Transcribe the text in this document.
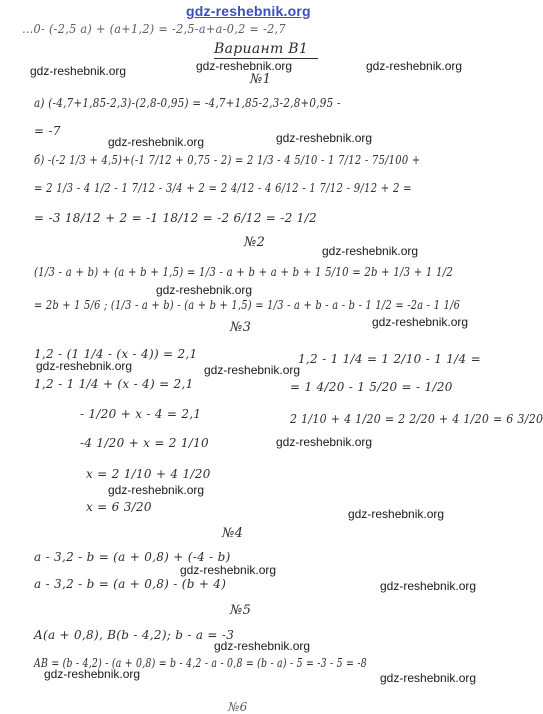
gdz-reshebnik.org
gdz-reshebnik.org	gdz-reshebnik.org	gdz-reshebnik.org
gdz-reshebnik.org	gdz-reshebnik.org
gdz-reshebnik.org
gdz-reshebnik.org
gdz-reshebnik.org
gdz-reshebnik.org	gdz-reshebnik.org
gdz-reshebnik.org
gdz-reshebnik.org
gdz-reshebnik.org
gdz-reshebnik.org
gdz-reshebnik.org
gdz-reshebnik.org
gdz-reshebnik.org	gdz-reshebnik.org
…0- (-2,5 a) + (a+1,2) = -2,5-a+a-0,2 = -2,7
Вариант В1
№1
а) (-4,7+1,85-2,3)-(2,8-0,95) = -4,7+1,85-2,3-2,8+0,95 -
= -7
б) -(-2 1/3 + 4,5)+(-1 7/12 + 0,75 - 2) = 2 1/3 - 4 5/10 - 1 7/12 - 75/100 +
= 2 1/3 - 4 1/2 - 1 7/12 - 3/4 + 2 = 2 4/12 - 4 6/12 - 1 7/12 - 9/12 + 2 =
= -3 18/12 + 2 = -1 18/12 = -2 6/12 = -2 1/2
№2
(1/3 - a + b) + (a + b + 1,5) = 1/3 - a + b + a + b + 1 5/10 = 2b + 1/3 + 1 1/2
= 2b + 1 5/6 ; (1/3 - a + b) - (a + b + 1,5) = 1/3 - a + b - a - b - 1 1/2 = -2a - 1 1/6
№3
1,2 - (1 1/4 - (x - 4)) = 2,1
1,2 - 1 1/4 + (x - 4) = 2,1
- 1/20 + x - 4 = 2,1
-4 1/20 + x = 2 1/10
x = 2 1/10 + 4 1/20
x = 6 3/20
1,2 - 1 1/4 = 1 2/10 - 1 1/4 =
= 1 4/20 - 1 5/20 = - 1/20
2 1/10 + 4 1/20 = 2 2/20 + 4 1/20 = 6 3/20
№4
a - 3,2 - b = (a + 0,8) + (-4 - b)
a - 3,2 - b = (a + 0,8) - (b + 4)
№5
A(a + 0,8), B(b - 4,2); b - a = -3
AB = (b - 4,2) - (a + 0,8) = b - 4,2 - a - 0,8 = (b - a) - 5 = -3 - 5 = -8
№6
